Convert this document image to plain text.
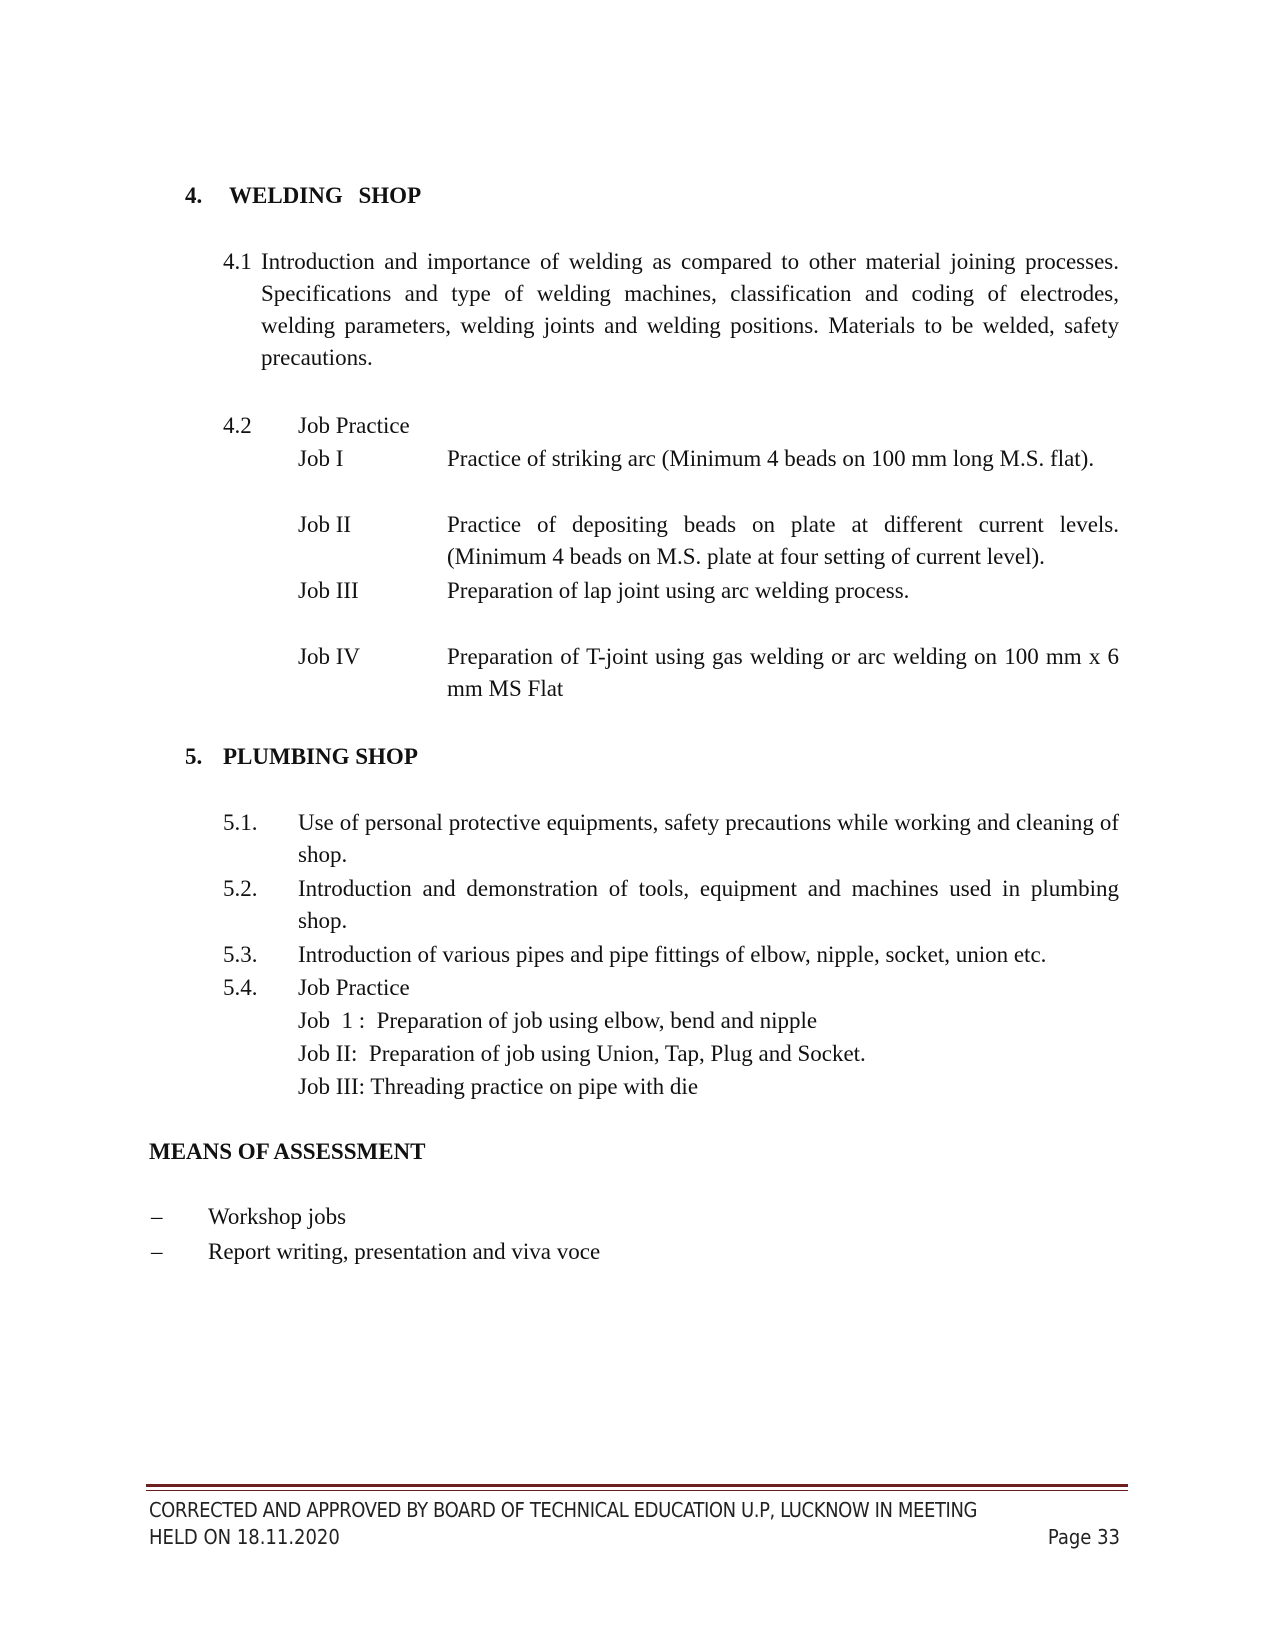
4. WELDING SHOP
4.1 Introduction and importance of welding as compared to other material joining processes. Specifications and type of welding machines, classification and coding of electrodes, welding parameters, welding joints and welding positions. Materials to be welded, safety precautions.
4.2 Job Practice
Job I	Practice of striking arc (Minimum 4 beads on 100 mm long M.S. flat).
Job II	Practice of depositing beads on plate at different current levels. (Minimum 4 beads on M.S. plate at four setting of current level).
Job III	Preparation of lap joint using arc welding process.
Job IV	Preparation of T-joint using gas welding or arc welding on 100 mm x 6 mm MS Flat
5. PLUMBING SHOP
5.1. Use of personal protective equipments, safety precautions while working and cleaning of shop.
5.2. Introduction and demonstration of tools, equipment and machines used in plumbing shop.
5.3. Introduction of various pipes and pipe fittings of elbow, nipple, socket, union etc.
5.4. Job Practice
Job  1 :  Preparation of job using elbow, bend and nipple
Job II:  Preparation of job using Union, Tap, Plug and Socket.
Job III: Threading practice on pipe with die
MEANS OF ASSESSMENT
– Workshop jobs
– Report writing, presentation and viva voce
CORRECTED AND APPROVED BY BOARD OF TECHNICAL EDUCATION U.P, LUCKNOW IN MEETING
HELD ON 18.11.2020	Page 33
